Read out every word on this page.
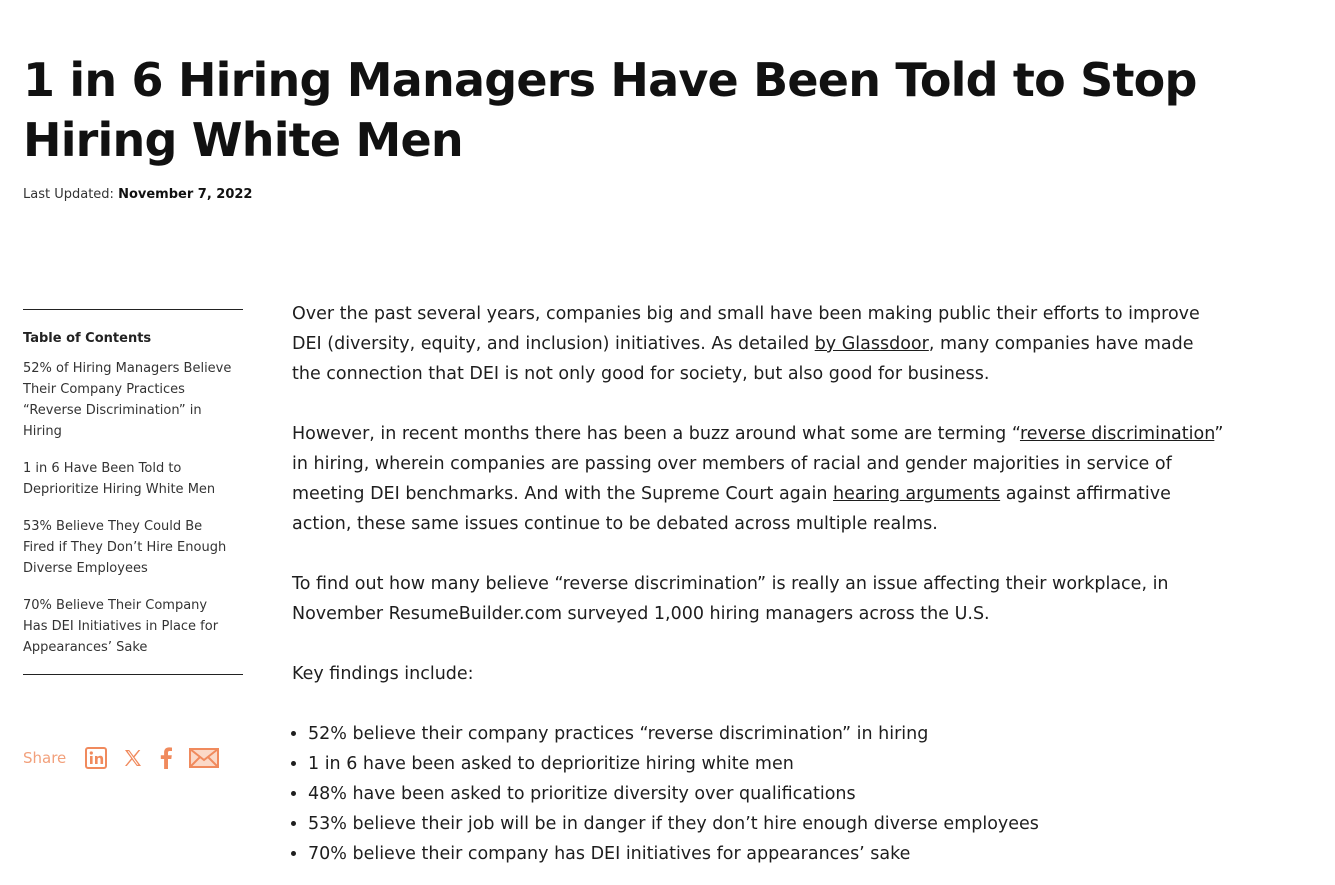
1 in 6 Hiring Managers Have Been Told to Stop Hiring White Men
Last Updated: November 7, 2022
Table of Contents
52% of Hiring Managers Believe Their Company Practices “Reverse Discrimination” in Hiring
1 in 6 Have Been Told to Deprioritize Hiring White Men
53% Believe They Could Be Fired if They Don’t Hire Enough Diverse Employees
70% Believe Their Company Has DEI Initiatives in Place for Appearances’ Sake
Share

Over the past several years, companies big and small have been making public their efforts to improve DEI (diversity, equity, and inclusion) initiatives. As detailed by Glassdoor, many companies have made the connection that DEI is not only good for society, but also good for business.

However, in recent months there has been a buzz around what some are terming “reverse discrimination” in hiring, wherein companies are passing over members of racial and gender majorities in service of meeting DEI benchmarks. And with the Supreme Court again hearing arguments against affirmative action, these same issues continue to be debated across multiple realms.

To find out how many believe “reverse discrimination” is really an issue affecting their workplace, in November ResumeBuilder.com surveyed 1,000 hiring managers across the U.S.

Key findings include:

• 52% believe their company practices “reverse discrimination” in hiring
• 1 in 6 have been asked to deprioritize hiring white men
• 48% have been asked to prioritize diversity over qualifications
• 53% believe their job will be in danger if they don’t hire enough diverse employees
• 70% believe their company has DEI initiatives for appearances’ sake
